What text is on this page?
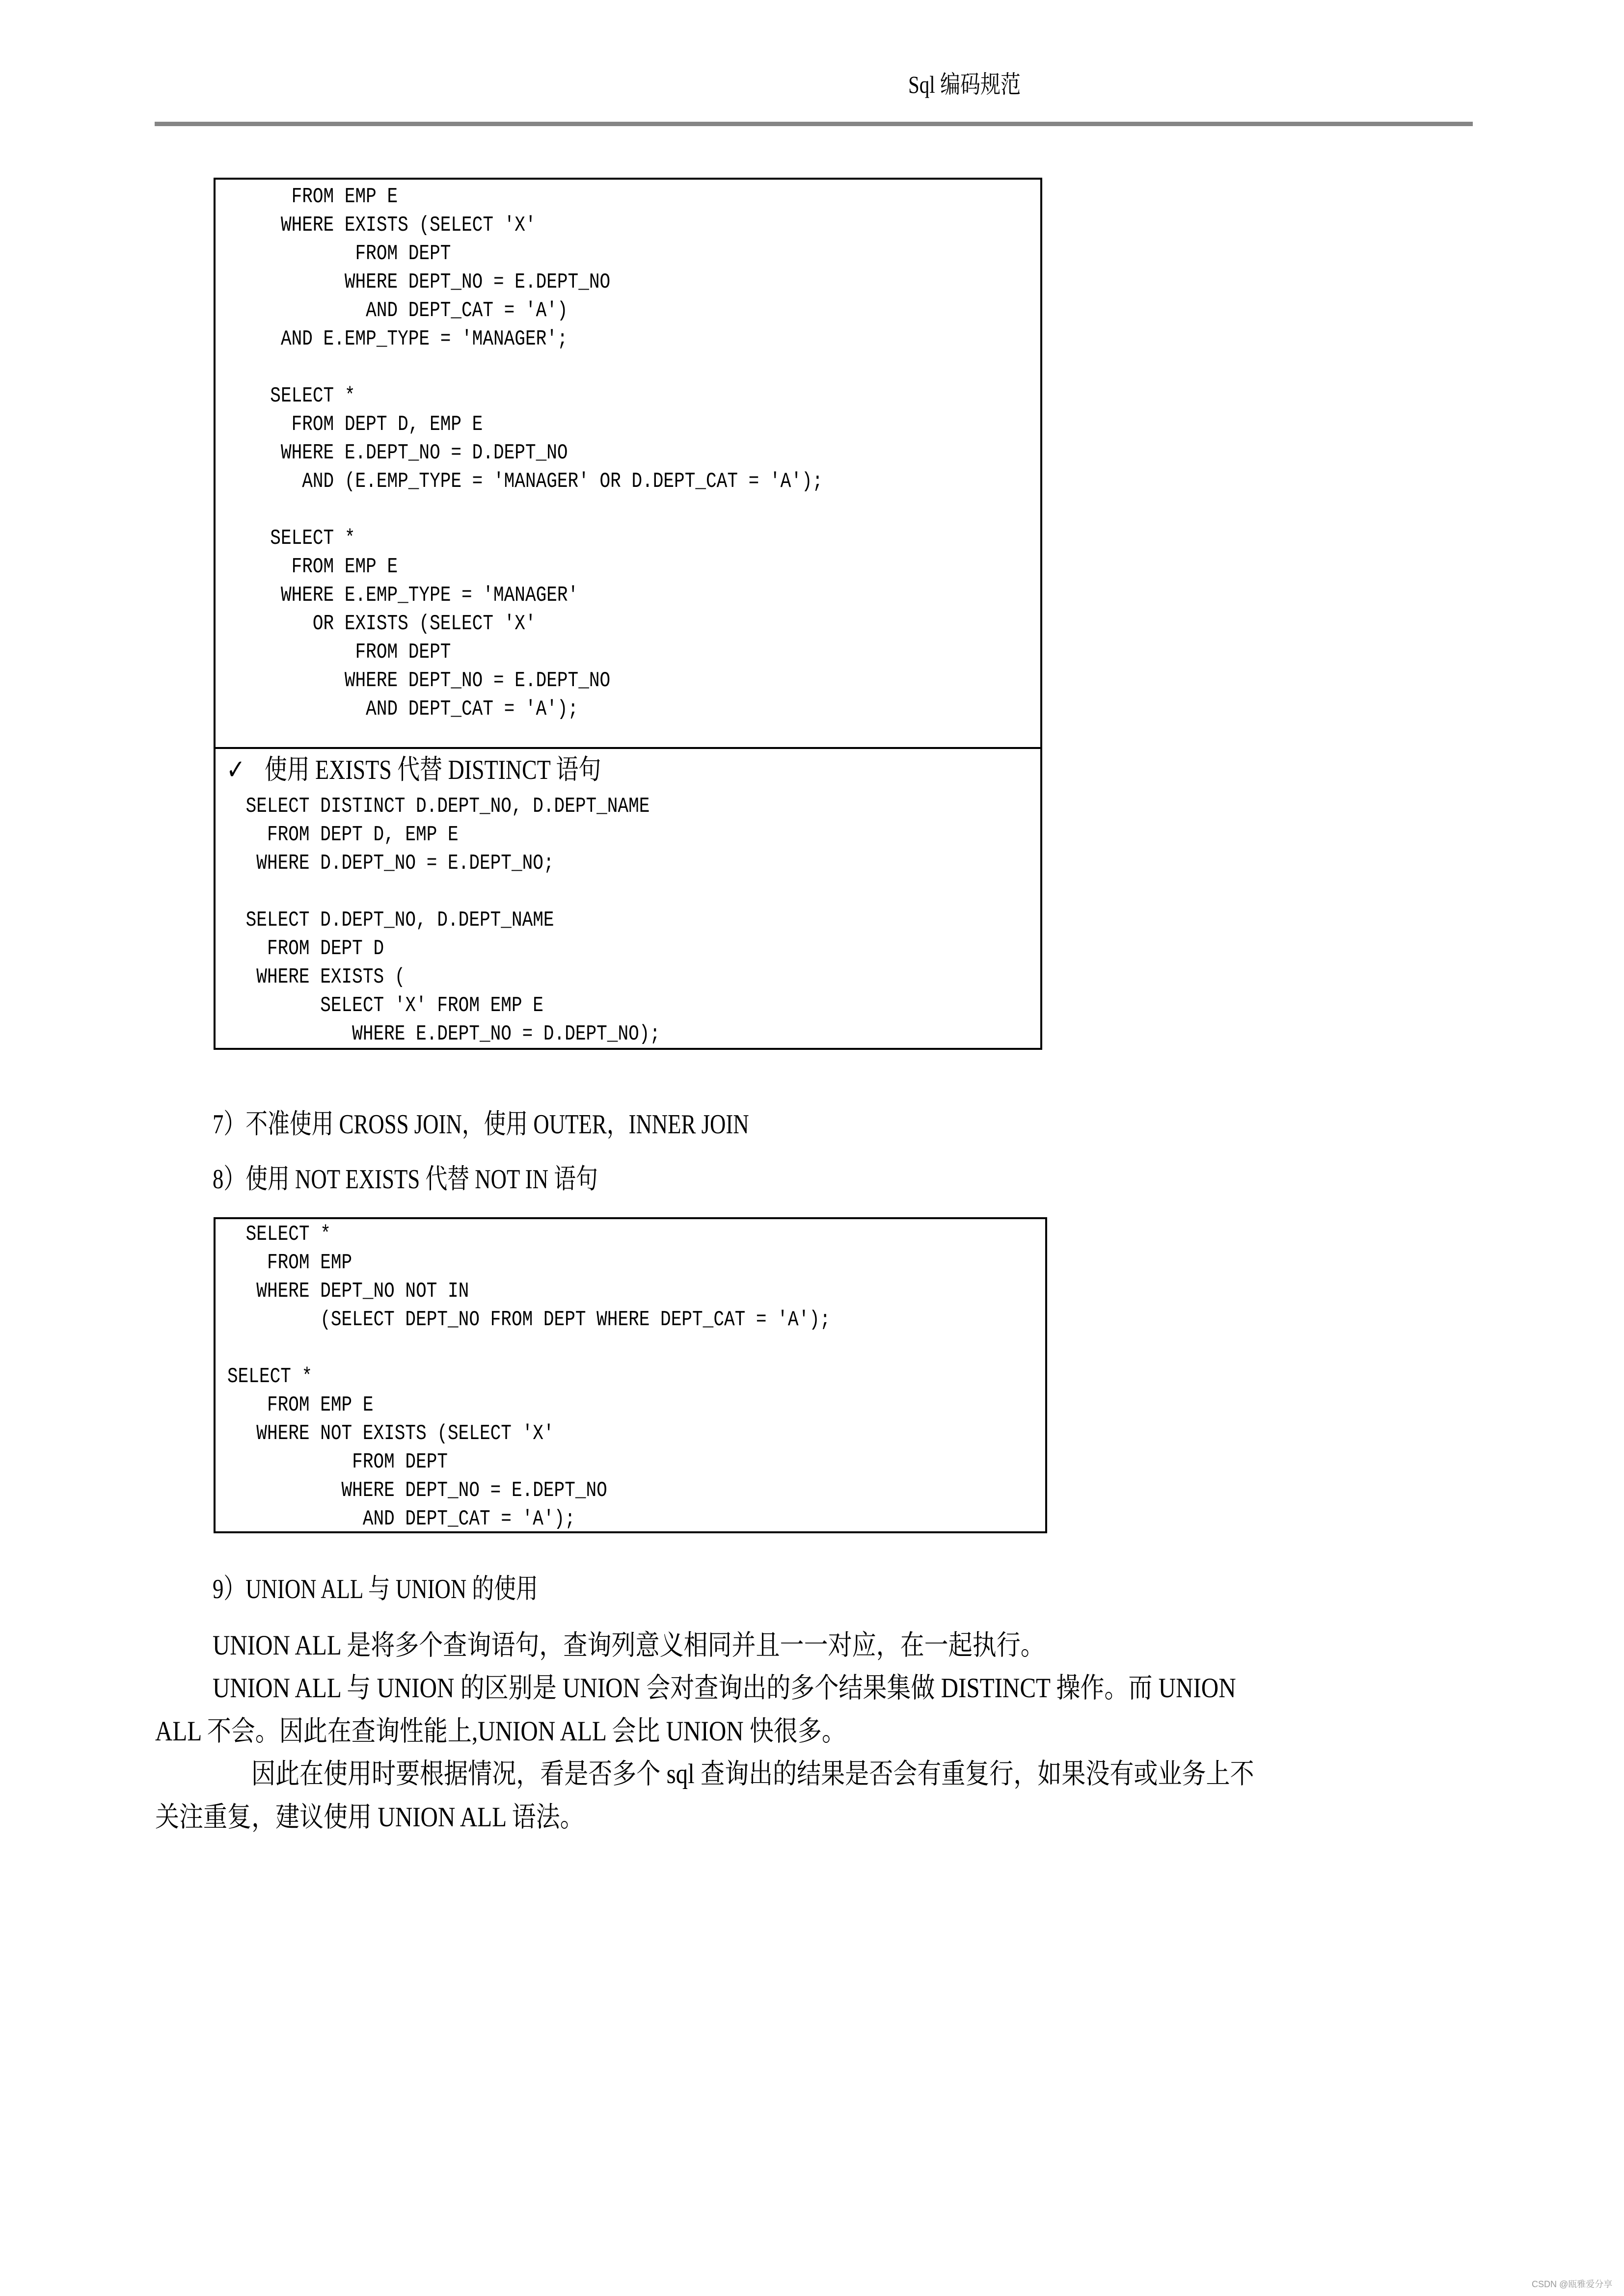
Sql 编码规范
FROM EMP E
WHERE EXISTS (SELECT 'X'
FROM DEPT
WHERE DEPT_NO = E.DEPT_NO
AND DEPT_CAT = 'A')
AND E.EMP_TYPE = 'MANAGER';
SELECT *
FROM DEPT D, EMP E
WHERE E.DEPT_NO = D.DEPT_NO
AND (E.EMP_TYPE = 'MANAGER' OR D.DEPT_CAT = 'A');
SELECT *
FROM EMP E
WHERE E.EMP_TYPE = 'MANAGER'
OR EXISTS (SELECT 'X'
FROM DEPT
WHERE DEPT_NO = E.DEPT_NO
AND DEPT_CAT = 'A');
✓ 使用 EXISTS 代替 DISTINCT 语句
SELECT DISTINCT D.DEPT_NO, D.DEPT_NAME
FROM DEPT D, EMP E
WHERE D.DEPT_NO = E.DEPT_NO;
SELECT D.DEPT_NO, D.DEPT_NAME
FROM DEPT D
WHERE EXISTS (
SELECT 'X' FROM EMP E
WHERE E.DEPT_NO = D.DEPT_NO);
7）不准使用 CROSS JOIN，使用 OUTER，INNER JOIN
8）使用 NOT EXISTS 代替 NOT IN 语句
SELECT *
FROM EMP
WHERE DEPT_NO NOT IN
(SELECT DEPT_NO FROM DEPT WHERE DEPT_CAT = 'A');
SELECT *
FROM EMP E
WHERE NOT EXISTS (SELECT 'X'
FROM DEPT
WHERE DEPT_NO = E.DEPT_NO
AND DEPT_CAT = 'A');
9）UNION ALL 与 UNION 的使用
UNION ALL 是将多个查询语句，查询列意义相同并且一一对应，在一起执行。
UNION ALL 与 UNION 的区别是 UNION 会对查询出的多个结果集做 DISTINCT 操作。而 UNION
ALL 不会。因此在查询性能上,UNION ALL 会比 UNION 快很多。
因此在使用时要根据情况，看是否多个 sql 查询出的结果是否会有重复行，如果没有或业务上不
关注重复，建议使用 UNION ALL 语法。
CSDN @瓯雅爱分享
